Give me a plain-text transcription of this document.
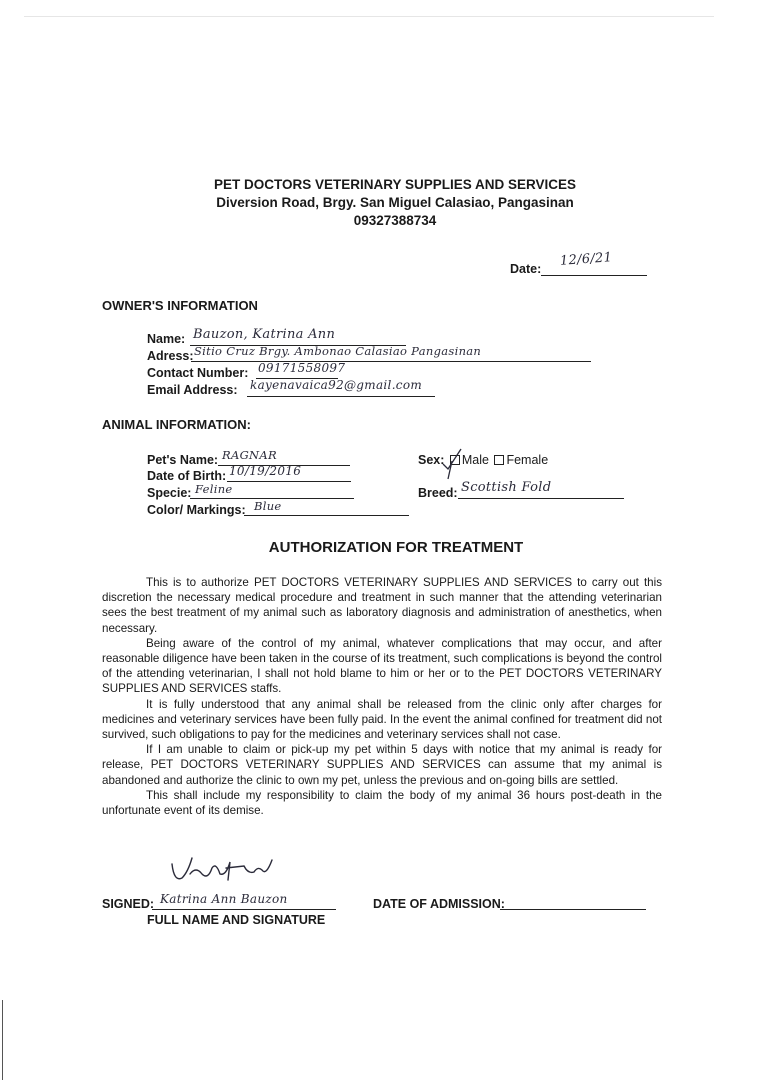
PET DOCTORS VETERINARY SUPPLIES AND SERVICES
Diversion Road, Brgy. San Miguel Calasiao, Pangasinan
09327388734
Date:
12/6/21
OWNER'S INFORMATION
Name: Bauzon, Katrina Ann
Adress: Sitio Cruz Brgy. Ambonao Calasiao Pangasinan
Contact Number: 09171558097
Email Address: kayenavaica92@gmail.com
ANIMAL INFORMATION:
Pet's Name: RAGNAR
Date of Birth: 10/19/2016
Specie: Feline
Color/ Markings: Blue
Sex: Male Female
Breed: Scottish Fold
AUTHORIZATION FOR TREATMENT

This is to authorize PET DOCTORS VETERINARY SUPPLIES AND SERVICES to carry out this discretion the necessary medical procedure and treatment in such manner that the attending veterinarian sees the best treatment of my animal such as laboratory diagnosis and administration of anesthetics, when necessary.

Being aware of the control of my animal, whatever complications that may occur, and after reasonable diligence have been taken in the course of its treatment, such complications is beyond the control of the attending veterinarian, I shall not hold blame to him or her or to the PET DOCTORS VETERINARY SUPPLIES AND SERVICES staffs.

It is fully understood that any animal shall be released from the clinic only after charges for medicines and veterinary services have been fully paid. In the event the animal confined for treatment did not survived, such obligations to pay for the medicines and veterinary services shall not case.

If I am unable to claim or pick-up my pet within 5 days with notice that my animal is ready for release, PET DOCTORS VETERINARY SUPPLIES AND SERVICES can assume that my animal is abandoned and authorize the clinic to own my pet, unless the previous and on-going bills are settled.

This shall include my responsibility to claim the body of my animal 36 hours post-death in the unfortunate event of its demise.

SIGNED: Katrina Ann Bauzon
FULL NAME AND SIGNATURE
DATE OF ADMISSION:
